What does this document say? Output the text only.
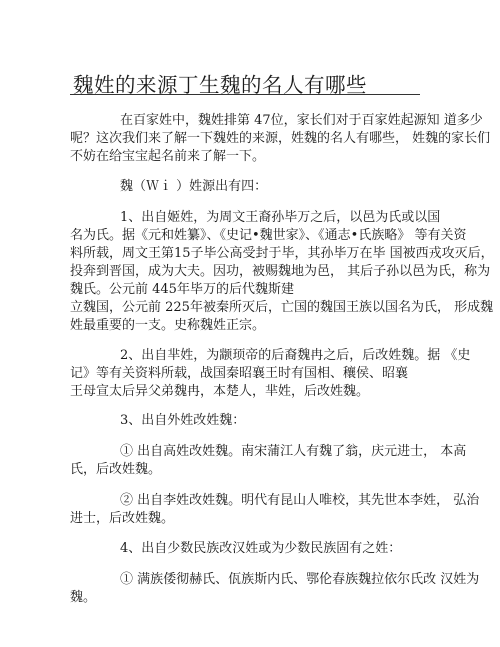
魏姓的来源丁生魏的名人有哪些
在百家姓中，魏姓排第 47位，家长们对于百家姓起源知 道多少
呢？这次我们来了解一下魏姓的来源，姓魏的名人有哪些， 姓魏的家长们
不妨在给宝宝起名前来了解一下。
魏（Ｗｉ ）姓源出有四：
1、出自姬姓，为周文王裔孙毕万之后，以邑为氏或以国
名为氏。据《元和姓纂》、《史记•魏世家》、《通志•氏族略》 等有关资
料所载，周文王第15子毕公高受封于毕，其孙毕万在毕 国被西戎攻灭后，
投奔到晋国，成为大夫。因功，被赐魏地为邑， 其后子孙以邑为氏，称为
魏氏。公元前 445年毕万的后代魏斯建
立魏国，公元前 225年被秦所灭后，亡国的魏国王族以国名为氏， 形成魏
姓最重要的一支。史称魏姓正宗。
2、出自芈姓，为颛顼帝的后裔魏冉之后，后改姓魏。据 《史
记》等有关资料所载，战国秦昭襄王时有国相、穰侯、昭襄
王母宣太后异父弟魏冉，本楚人，芈姓，后改姓魏。
3、出自外姓改姓魏：
① 出自高姓改姓魏。南宋蒲江人有魏了翁，庆元进士， 本高
氏，后改姓魏。
② 出自李姓改姓魏。明代有昆山人唯校，其先世本李姓， 弘治
进士，后改姓魏。
4、出自少数民族改汉姓或为少数民族固有之姓：
① 满族倭彻赫氏、佤族斯内氏、鄂伦春族魏拉依尔氏改 汉姓为
魏。
